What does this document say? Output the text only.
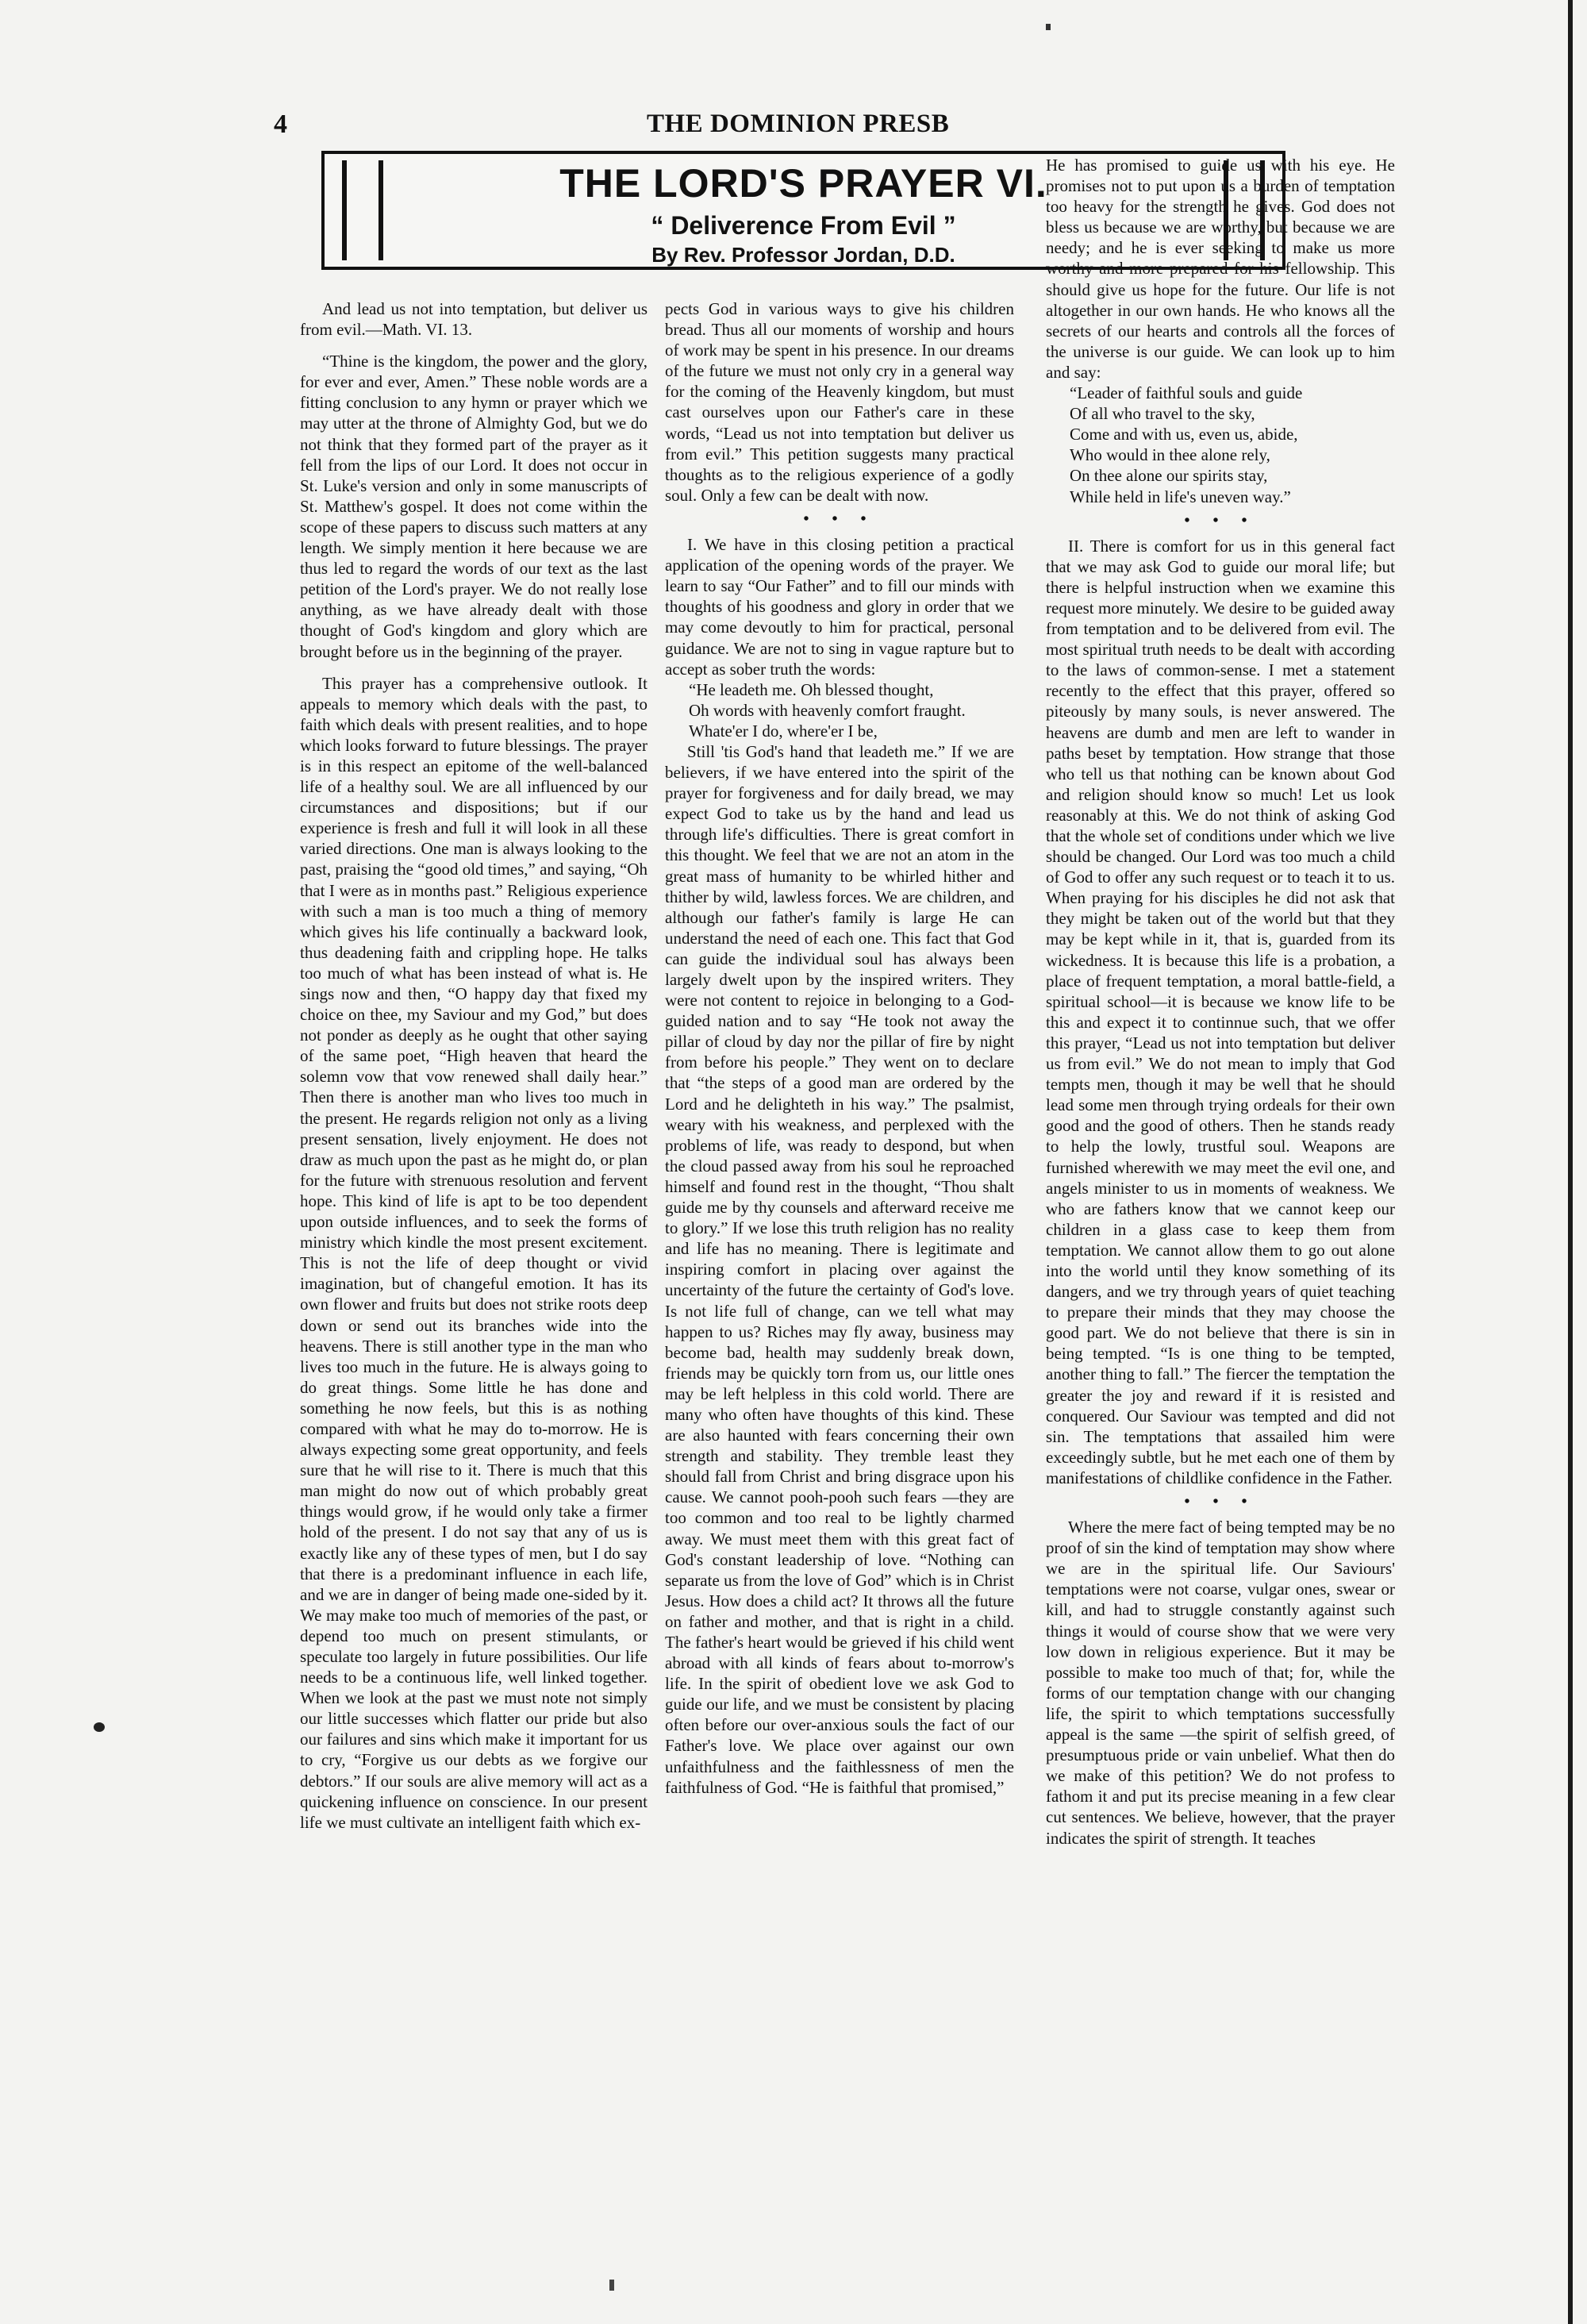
4	THE DOMINION PRESB
THE LORD'S PRAYER VI.
“ Deliverence From Evil ”
By Rev. Professor Jordan, D.D.

And lead us not into temptation, but deliver us from evil.—Math. VI. 13.

“Thine is the kingdom, the power and the glory, for ever and ever, Amen.” These noble words are a fitting conclusion to any hymn or prayer which we may utter at the throne of Almighty God, but we do not think that they formed part of the prayer as it fell from the lips of our Lord. It does not occur in St. Luke's version and only in some manuscripts of St. Matthew's gospel. It does not come within the scope of these papers to discuss such matters at any length. We simply mention it here because we are thus led to regard the words of our text as the last petition of the Lord's prayer. We do not really lose anything, as we have already dealt with those thought of God's kingdom and glory which are brought before us in the beginning of the prayer.

This prayer has a comprehensive outlook. It appeals to memory which deals with the past, to faith which deals with present realities, and to hope which looks forward to future blessings. The prayer is in this respect an epitome of the well-balanced life of a healthy soul. We are all influenced by our circumstances and dispositions; but if our experience is fresh and full it will look in all these varied directions. One man is always looking to the past, praising the “good old times,” and saying, “Oh that I were as in months past.” Religious experience with such a man is too much a thing of memory which gives his life continually a backward look, thus deadening faith and crippling hope. He talks too much of what has been instead of what is. He sings now and then, “O happy day that fixed my choice on thee, my Saviour and my God,” but does not ponder as deeply as he ought that other saying of the same poet, “High heaven that heard the solemn vow that vow renewed shall daily hear.” Then there is another man who lives too much in the present. He regards religion not only as a living present sensation, lively enjoyment. He does not draw as much upon the past as he might do, or plan for the future with strenuous resolution and fervent hope. This kind of life is apt to be too dependent upon outside influences, and to seek the forms of ministry which kindle the most present excitement. This is not the life of deep thought or vivid imagination, but of changeful emotion. It has its own flower and fruits but does not strike roots deep down or send out its branches wide into the heavens. There is still another type in the man who lives too much in the future. He is always going to do great things. Some little he has done and something he now feels, but this is as nothing compared with what he may do to-morrow. He is always expecting some great opportunity, and feels sure that he will rise to it. There is much that this man might do now out of which probably great things would grow, if he would only take a firmer hold of the present. I do not say that any of us is exactly like any of these types of men, but I do say that there is a predominant influence in each life, and we are in danger of being made one-sided by it. We may make too much of memories of the past, or depend too much on present stimulants, or speculate too largely in future possibilities. Our life needs to be a continuous life, well linked together. When we look at the past we must note not simply our little successes which flatter our pride but also our failures and sins which make it important for us to cry, “Forgive us our debts as we forgive our debtors.” If our souls are alive memory will act as a quickening influence on conscience. In our present life we must cultivate an intelligent faith which ex-

pects God in various ways to give his children bread. Thus all our moments of worship and hours of work may be spent in his presence. In our dreams of the future we must not only cry in a general way for the coming of the Heavenly kingdom, but must cast ourselves upon our Father's care in these words, “Lead us not into temptation but deliver us from evil.” This petition suggests many practical thoughts as to the religious experience of a godly soul. Only a few can be dealt with now.

• • •

I. We have in this closing petition a practical application of the opening words of the prayer. We learn to say “Our Father” and to fill our minds with thoughts of his goodness and glory in order that we may come devoutly to him for practical, personal guidance. We are not to sing in vague rapture but to accept as sober truth the words:

“He leadeth me. Oh blessed thought,
Oh words with heavenly comfort fraught.
Whate'er I do, where'er I be,

Still 'tis God's hand that leadeth me.” If we are believers, if we have entered into the spirit of the prayer for forgiveness and for daily bread, we may expect God to take us by the hand and lead us through life's difficulties. There is great comfort in this thought. We feel that we are not an atom in the great mass of humanity to be whirled hither and thither by wild, lawless forces. We are children, and although our father's family is large He can understand the need of each one. This fact that God can guide the individual soul has always been largely dwelt upon by the inspired writers. They were not content to rejoice in belonging to a God-guided nation and to say “He took not away the pillar of cloud by day nor the pillar of fire by night from before his people.” They went on to declare that “the steps of a good man are ordered by the Lord and he delighteth in his way.” The psalmist, weary with his weakness, and perplexed with the problems of life, was ready to despond, but when the cloud passed away from his soul he reproached himself and found rest in the thought, “Thou shalt guide me by thy counsels and afterward receive me to glory.” If we lose this truth religion has no reality and life has no meaning. There is legitimate and inspiring comfort in placing over against the uncertainty of the future the certainty of God's love. Is not life full of change, can we tell what may happen to us? Riches may fly away, business may become bad, health may suddenly break down, friends may be quickly torn from us, our little ones may be left helpless in this cold world. There are many who often have thoughts of this kind. These are also haunted with fears concerning their own strength and stability. They tremble least they should fall from Christ and bring disgrace upon his cause. We cannot pooh-pooh such fears —they are too common and too real to be lightly charmed away. We must meet them with this great fact of God's constant leadership of love. “Nothing can separate us from the love of God” which is in Christ Jesus. How does a child act? It throws all the future on father and mother, and that is right in a child. The father's heart would be grieved if his child went abroad with all kinds of fears about to-morrow's life. In the spirit of obedient love we ask God to guide our life, and we must be consistent by placing often before our over-anxious souls the fact of our Father's love. We place over against our own unfaithfulness and the faithlessness of men the faithfulness of God. “He is faithful that promised,”

He has promised to guide us with his eye. He promises not to put upon us a burden of temptation too heavy for the strength he gives. God does not bless us because we are worthy, but because we are needy; and he is ever seeking to make us more worthy and more prepared for his fellowship. This should give us hope for the future. Our life is not altogether in our own hands. He who knows all the secrets of our hearts and controls all the forces of the universe is our guide. We can look up to him and say:

“Leader of faithful souls and guide
Of all who travel to the sky,
Come and with us, even us, abide,
Who would in thee alone rely,
On thee alone our spirits stay,
While held in life's uneven way.”
• • •

II. There is comfort for us in this general fact that we may ask God to guide our moral life; but there is helpful instruction when we examine this request more minutely. We desire to be guided away from temptation and to be delivered from evil. The most spiritual truth needs to be dealt with according to the laws of common-sense. I met a statement recently to the effect that this prayer, offered so piteously by many souls, is never answered. The heavens are dumb and men are left to wander in paths beset by temptation. How strange that those who tell us that nothing can be known about God and religion should know so much! Let us look reasonably at this. We do not think of asking God that the whole set of conditions under which we live should be changed. Our Lord was too much a child of God to offer any such request or to teach it to us. When praying for his disciples he did not ask that they might be taken out of the world but that they may be kept while in it, that is, guarded from its wickedness. It is because this life is a probation, a place of frequent temptation, a moral battle-field, a spiritual school—it is because we know life to be this and expect it to continnue such, that we offer this prayer, “Lead us not into temptation but deliver us from evil.” We do not mean to imply that God tempts men, though it may be well that he should lead some men through trying ordeals for their own good and the good of others. Then he stands ready to help the lowly, trustful soul. Weapons are furnished wherewith we may meet the evil one, and angels minister to us in moments of weakness. We who are fathers know that we cannot keep our children in a glass case to keep them from temptation. We cannot allow them to go out alone into the world until they know something of its dangers, and we try through years of quiet teaching to prepare their minds that they may choose the good part. We do not believe that there is sin in being tempted. “Is is one thing to be tempted, another thing to fall.” The fiercer the temptation the greater the joy and reward if it is resisted and conquered. Our Saviour was tempted and did not sin. The temptations that assailed him were exceedingly subtle, but he met each one of them by manifestations of childlike confidence in the Father.

• • •

Where the mere fact of being tempted may be no proof of sin the kind of temptation may show where we are in the spiritual life. Our Saviours' temptations were not coarse, vulgar ones, swear or kill, and had to struggle constantly against such things it would of course show that we were very low down in religious experience. But it may be possible to make too much of that; for, while the forms of our temptation change with our changing life, the spirit to which temptations successfully appeal is the same —the spirit of selfish greed, of presumptuous pride or vain unbelief. What then do we make of this petition? We do not profess to fathom it and put its precise meaning in a few clear cut sentences. We believe, however, that the prayer indicates the spirit of strength. It teaches
